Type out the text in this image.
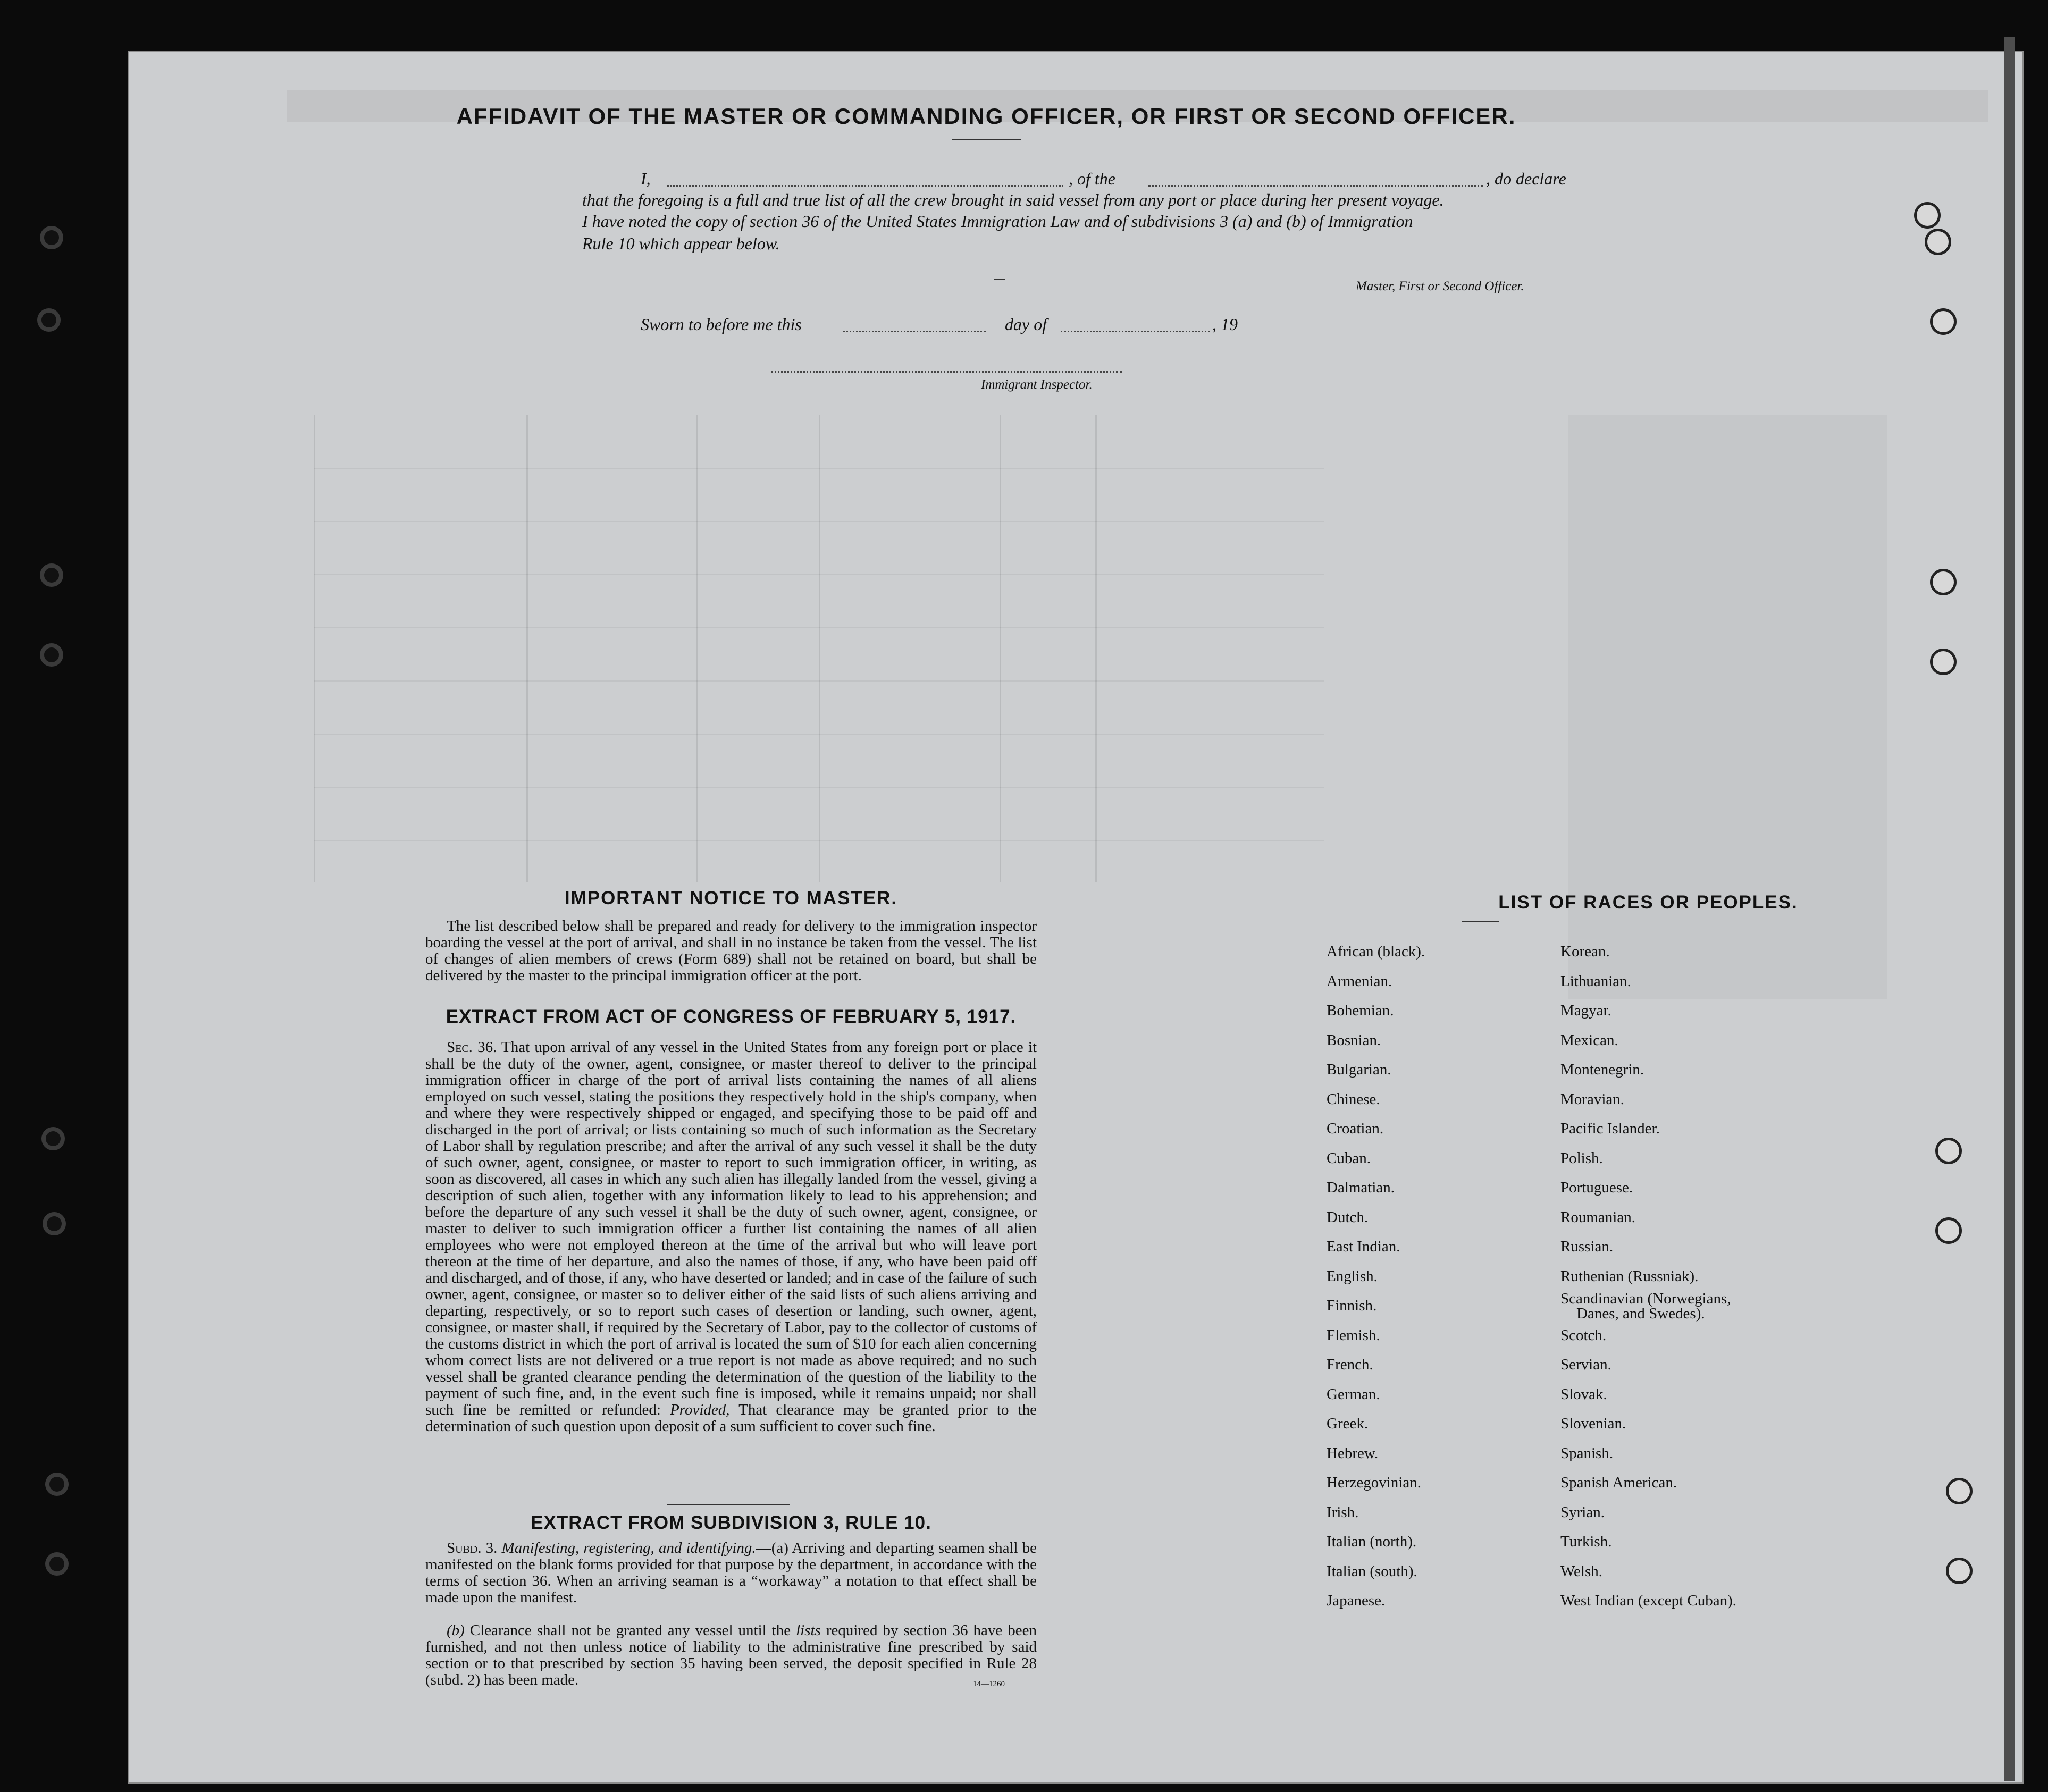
AFFIDAVIT OF THE MASTER OR COMMANDING OFFICER, OR FIRST OR SECOND OFFICER.
I,	, of the	, do declare
that the foregoing is a full and true list of all the crew brought in said vessel from any port or place during her present voyage.
I have noted the copy of section 36 of the United States Immigration Law and of subdivisions 3 (a) and (b) of Immigration
Rule 10 which appear below.
Master, First or Second Officer.
Sworn to before me this	day of	, 19
Immigrant Inspector.
IMPORTANT NOTICE TO MASTER.
The list described below shall be prepared and ready for delivery to the immigration inspector boarding the vessel at the port of arrival, and shall in no instance be taken from the vessel. The list of changes of alien members of crews (Form 689) shall not be retained on board, but shall be delivered by the master to the principal immigration officer at the port.
EXTRACT FROM ACT OF CONGRESS OF FEBRUARY 5, 1917.
Sec. 36. That upon arrival of any vessel in the United States from any foreign port or place it shall be the duty of the owner, agent, consignee, or master thereof to deliver to the principal immigration officer in charge of the port of arrival lists containing the names of all aliens employed on such vessel, stating the positions they respectively hold in the ship's company, when and where they were respectively shipped or engaged, and specifying those to be paid off and discharged in the port of arrival; or lists containing so much of such information as the Secretary of Labor shall by regulation prescribe; and after the arrival of any such vessel it shall be the duty of such owner, agent, consignee, or master to report to such immigration officer, in writing, as soon as discovered, all cases in which any such alien has illegally landed from the vessel, giving a description of such alien, together with any information likely to lead to his apprehension; and before the departure of any such vessel it shall be the duty of such owner, agent, consignee, or master to deliver to such immigration officer a further list containing the names of all alien employees who were not employed thereon at the time of the arrival but who will leave port thereon at the time of her departure, and also the names of those, if any, who have been paid off and discharged, and of those, if any, who have deserted or landed; and in case of the failure of such owner, agent, consignee, or master so to deliver either of the said lists of such aliens arriving and departing, respectively, or so to report such cases of desertion or landing, such owner, agent, consignee, or master shall, if required by the Secretary of Labor, pay to the collector of customs of the customs district in which the port of arrival is located the sum of $10 for each alien concerning whom correct lists are not delivered or a true report is not made as above required; and no such vessel shall be granted clearance pending the determination of the question of the liability to the payment of such fine, and, in the event such fine is imposed, while it remains unpaid; nor shall such fine be remitted or refunded: Provided, That clearance may be granted prior to the determination of such question upon deposit of a sum sufficient to cover such fine.
EXTRACT FROM SUBDIVISION 3, RULE 10.
Subd. 3. Manifesting, registering, and identifying.—(a) Arriving and departing seamen shall be manifested on the blank forms provided for that purpose by the department, in accordance with the terms of section 36. When an arriving seaman is a “workaway” a notation to that effect shall be made upon the manifest.
(b) Clearance shall not be granted any vessel until the lists required by section 36 have been furnished, and not then unless notice of liability to the administrative fine prescribed by said section or to that prescribed by section 35 having been served, the deposit specified in Rule 28 (subd. 2) has been made.	14—1260
LIST OF RACES OR PEOPLES.
African (black).
Armenian.
Bohemian.
Bosnian.
Bulgarian.
Chinese.
Croatian.
Cuban.
Dalmatian.
Dutch.
East Indian.
English.
Finnish.
Flemish.
French.
German.
Greek.
Hebrew.
Herzegovinian.
Irish.
Italian (north).
Italian (south).
Japanese.
Korean.
Lithuanian.
Magyar.
Mexican.
Montenegrin.
Moravian.
Pacific Islander.
Polish.
Portuguese.
Roumanian.
Russian.
Ruthenian (Russniak).
Scandinavian (Norwegians,
Danes, and Swedes).
Scotch.
Servian.
Slovak.
Slovenian.
Spanish.
Spanish American.
Syrian.
Turkish.
Welsh.
West Indian (except Cuban).
